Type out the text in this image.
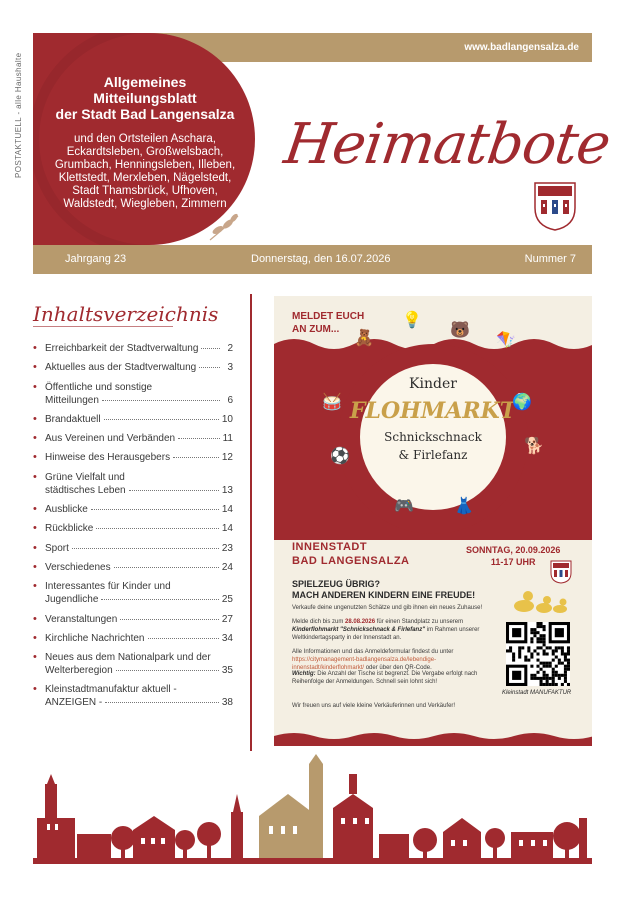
POSTAKTUELL - alle Haushalte
www.badlangensalza.de
Allgemeines
Mitteilungsblatt
der Stadt Bad Langensalza
und den Ortsteilen Aschara,
Eckardtsleben, Großwelsbach,
Grumbach, Henningsleben, Illeben,
Klettstedt, Merxleben, Nägelstedt,
Stadt Thamsbrück, Ufhoven,
Waldstedt, Wiegleben, Zimmern
Heimatbote
Jahrgang 23	Donnerstag, den 16.07.2026	Nummer 7
Inhaltsverzeichnis
• Erreichbarkeit der Stadtverwaltung	2
• Aktuelles aus der Stadtverwaltung	3
• Öffentliche und sonstige
Mitteilungen	6
• Brandaktuell	10
• Aus Vereinen und Verbänden	11
• Hinweise des Herausgebers	12
• Grüne Vielfalt und
städtisches Leben	13
• Ausblicke	14
• Rückblicke	14
• Sport	23
• Verschiedenes	24
• Interessantes für Kinder und
Jugendliche	25
• Veranstaltungen	27
• Kirchliche Nachrichten	34
• Neues aus dem Nationalpark und der
Welterberegion	35
• Kleinstadtmanufaktur aktuell -
ANZEIGEN -	38
MELDET EUCH
AN ZUM...
Kinder
FLOHMARKT
Schnickschnack
& Firlefanz
🧸
💡
🐻
🪁
🥁	🌍
🐕
⚽
🎮	👗
INNENSTADT
BAD LANGENSALZA
SONNTAG, 20.09.2026
11-17 UHR
SPIELZEUG ÜBRIG?
MACH ANDEREN KINDERN EINE FREUDE!
Verkaufe deine ungenutzten Schätze und gib ihnen ein neues Zuhause!
Melde dich bis zum 28.08.2026 für einen Standplatz zu unserem Kinderflohmarkt "Schnickschnack & Firlefanz" im Rahmen unserer Weltkindertagsparty in der Innenstadt an.
Alle Informationen und das Anmeldeformular findest du unter https://citymanagement-badlangensalza.de/lebendige-innenstadt/kinderflohmarkt/ oder über den QR-Code.
Wichtig: Die Anzahl der Tische ist begrenzt. Die Vergabe erfolgt nach Reihenfolge der Anmeldungen. Schnell sein lohnt sich!
Wir freuen uns auf viele kleine Verkäuferinnen und Verkäufer!
Kleinstadt MANUFAKTUR
